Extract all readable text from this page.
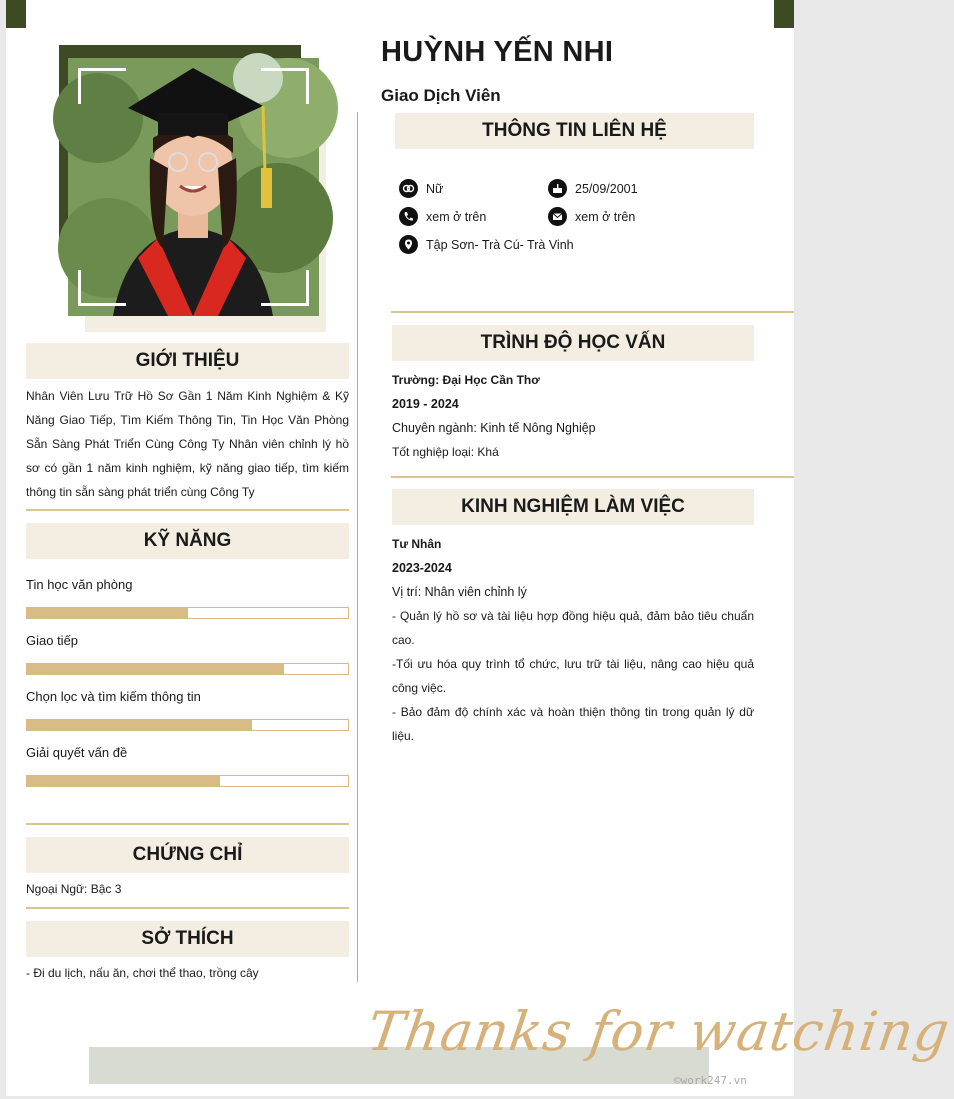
HUỲNH YẾN NHI
Giao Dịch Viên
THÔNG TIN LIÊN HỆ
Nữ	25/09/2001
xem ở trên	xem ở trên
Tập Sơn- Trà Cú- Trà Vinh
TRÌNH ĐỘ HỌC VẤN
Trường: Đại Học Cần Thơ
2019 - 2024
Chuyên ngành: Kinh tế Nông Nghiệp
Tốt nghiệp loại: Khá
KINH NGHIỆM LÀM VIỆC
Tư Nhân
2023-2024
Vị trí: Nhân viên chỉnh lý
- Quản lý hồ sơ và tài liệu hợp đồng hiệu quả, đảm bảo tiêu chuẩn cao.
-Tối ưu hóa quy trình tổ chức, lưu trữ tài liệu, nâng cao hiệu quả công việc.
- Bảo đảm độ chính xác và hoàn thiện thông tin trong quản lý dữ liệu.
GIỚI THIỆU
Nhân Viên Lưu Trữ Hồ Sơ Gần 1 Năm Kinh Nghiệm & Kỹ Năng Giao Tiếp, Tìm Kiếm Thông Tin, Tin Học Văn Phòng Sẵn Sàng Phát Triển Cùng Công Ty Nhân viên chỉnh lý hồ sơ có gần 1 năm kinh nghiệm, kỹ năng giao tiếp, tìm kiếm thông tin sẵn sàng phát triển cùng Công Ty
KỸ NĂNG
Tin học văn phòng
Giao tiếp
Chọn lọc và tìm kiếm thông tin
Giải quyết vấn đề
CHỨNG CHỈ
Ngoại Ngữ: Bậc 3
SỞ THÍCH
- Đi du lịch, nấu ăn, chơi thể thao, trồng cây
Thanks for watching
©work247.vn
